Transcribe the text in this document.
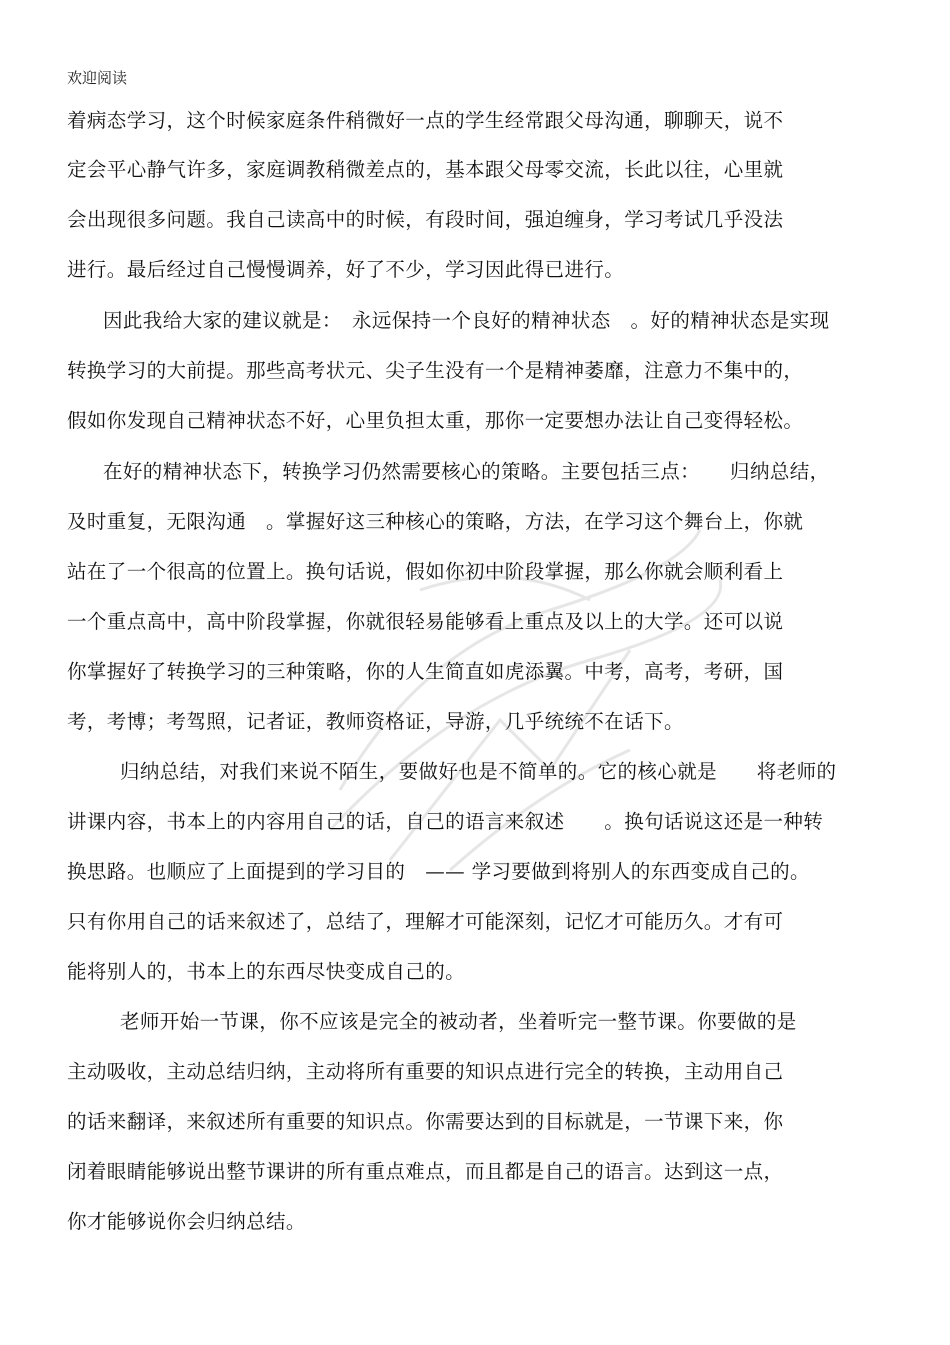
欢迎阅读
着病态学习，这个时候家庭条件稍微好一点的学生经常跟父母沟通，聊聊天，说不
定会平心静气许多，家庭调教稍微差点的，基本跟父母零交流，长此以往，心里就
会出现很多问题。我自己读高中的时候，有段时间，强迫缠身，学习考试几乎没法
进行。最后经过自己慢慢调养，好了不少，学习因此得已进行。
因此我给大家的建议就是：　永远保持一个良好的精神状态　。好的精神状态是实现
转换学习的大前提。那些高考状元、尖子生没有一个是精神萎靡，注意力不集中的，
假如你发现自己精神状态不好，心里负担太重，那你一定要想办法让自己变得轻松。
在好的精神状态下，转换学习仍然需要核心的策略。主要包括三点：　　归纳总结，
及时重复，无限沟通　。掌握好这三种核心的策略，方法，在学习这个舞台上，你就
站在了一个很高的位置上。换句话说，假如你初中阶段掌握，那么你就会顺利看上
一个重点高中，高中阶段掌握，你就很轻易能够看上重点及以上的大学。还可以说
你掌握好了转换学习的三种策略，你的人生简直如虎添翼。中考，高考，考研，国
考，考博；考驾照，记者证，教师资格证，导游，几乎统统不在话下。
归纳总结，对我们来说不陌生，要做好也是不简单的。它的核心就是　　将老师的
讲课内容，书本上的内容用自己的话，自己的语言来叙述　　。换句话说这还是一种转
换思路。也顺应了上面提到的学习目的　—— 学习要做到将别人的东西变成自己的。
只有你用自己的话来叙述了，总结了，理解才可能深刻，记忆才可能历久。才有可
能将别人的，书本上的东西尽快变成自己的。
老师开始一节课，你不应该是完全的被动者，坐着听完一整节课。你要做的是
主动吸收，主动总结归纳，主动将所有重要的知识点进行完全的转换，主动用自己
的话来翻译，来叙述所有重要的知识点。你需要达到的目标就是，一节课下来，你
闭着眼睛能够说出整节课讲的所有重点难点，而且都是自己的语言。达到这一点，
你才能够说你会归纳总结。
